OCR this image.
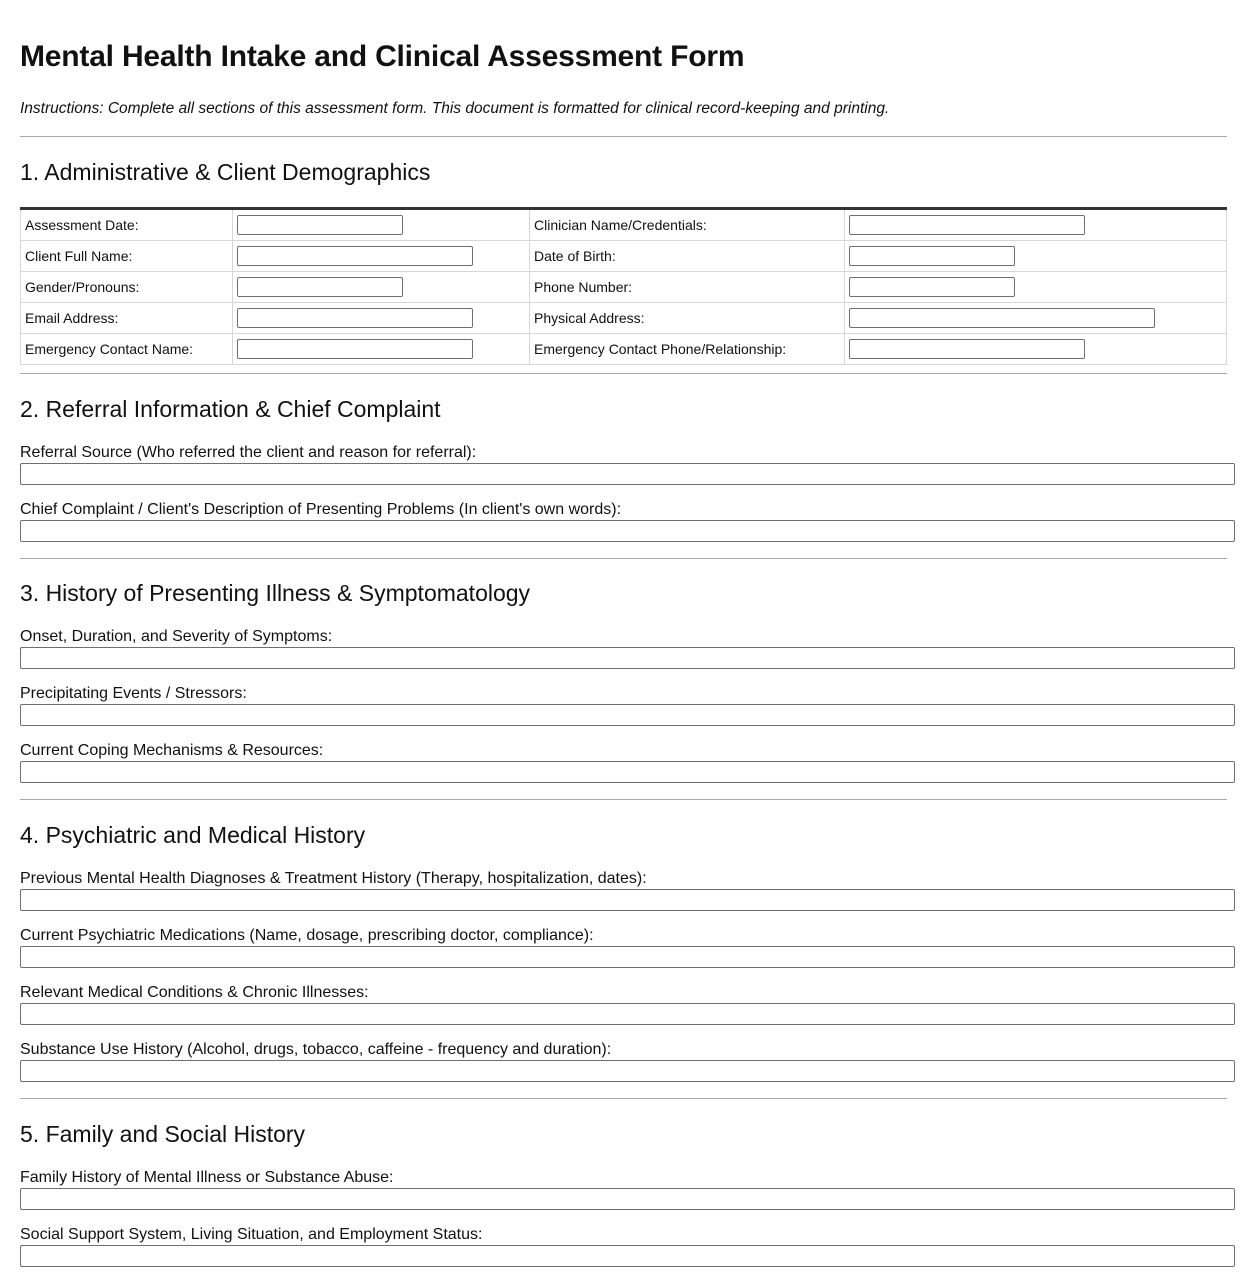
Mental Health Intake and Clinical Assessment Form
Instructions: Complete all sections of this assessment form. This document is formatted for clinical record-keeping and printing.
1. Administrative & Client Demographics
Assessment Date:		Clinician Name/Credentials:	

Client Full Name:		Date of Birth:	

Gender/Pronouns:		Phone Number:	

Email Address:		Physical Address:	

Emergency Contact Name:		Emergency Contact Phone/Relationship:	
2. Referral Information & Chief Complaint
Referral Source (Who referred the client and reason for referral):
Chief Complaint / Client's Description of Presenting Problems (In client's own words):
3. History of Presenting Illness & Symptomatology
Onset, Duration, and Severity of Symptoms:
Precipitating Events / Stressors:
Current Coping Mechanisms & Resources:
4. Psychiatric and Medical History
Previous Mental Health Diagnoses & Treatment History (Therapy, hospitalization, dates):
Current Psychiatric Medications (Name, dosage, prescribing doctor, compliance):
Relevant Medical Conditions & Chronic Illnesses:
Substance Use History (Alcohol, drugs, tobacco, caffeine - frequency and duration):
5. Family and Social History
Family History of Mental Illness or Substance Abuse:
Social Support System, Living Situation, and Employment Status:
